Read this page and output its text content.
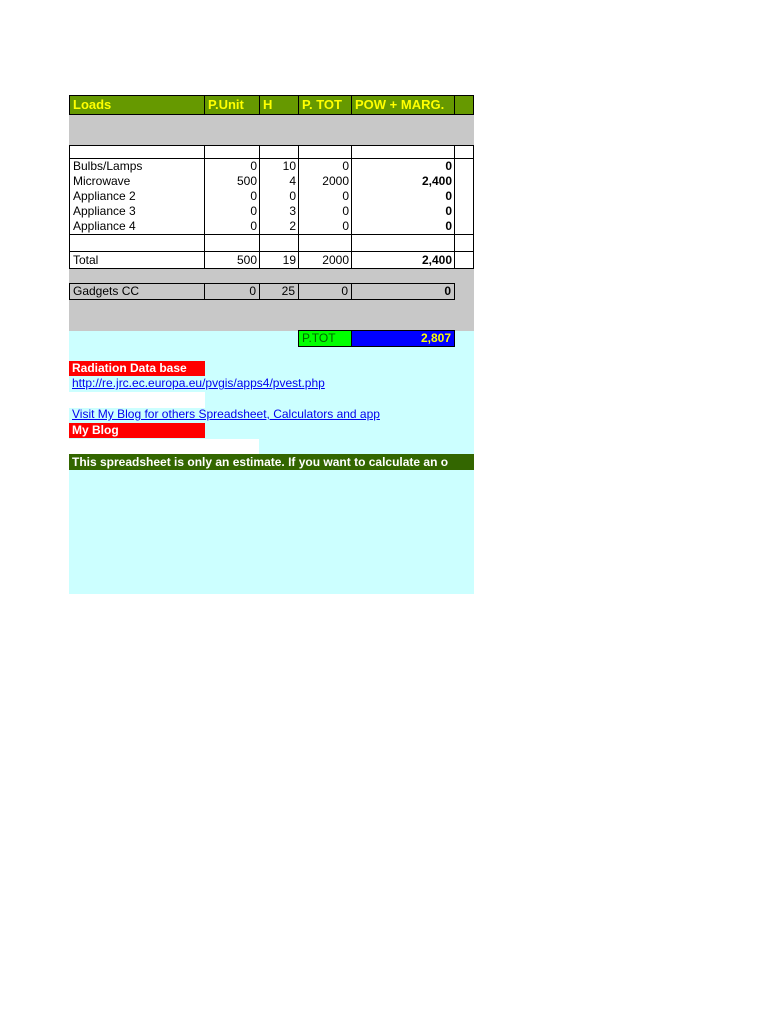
Loads	P.Unit	H	P. TOT	POW + MARG.
Bulbs/Lamps	0	10	0	0
Microwave	500	4	2000	2,400
Appliance 2	0	0	0	0
Appliance 3	0	3	0	0
Appliance 4	0	2	0	0
Total	500	19	2000	2,400
Gadgets CC	0	25	0	0
P.TOT	2,807
Radiation Data base
http://re.jrc.ec.europa.eu/pvgis/apps4/pvest.php
Visit My Blog for others Spreadsheet, Calculators and app
My Blog
This spreadsheet is only an estimate. If you want to calculate an o
